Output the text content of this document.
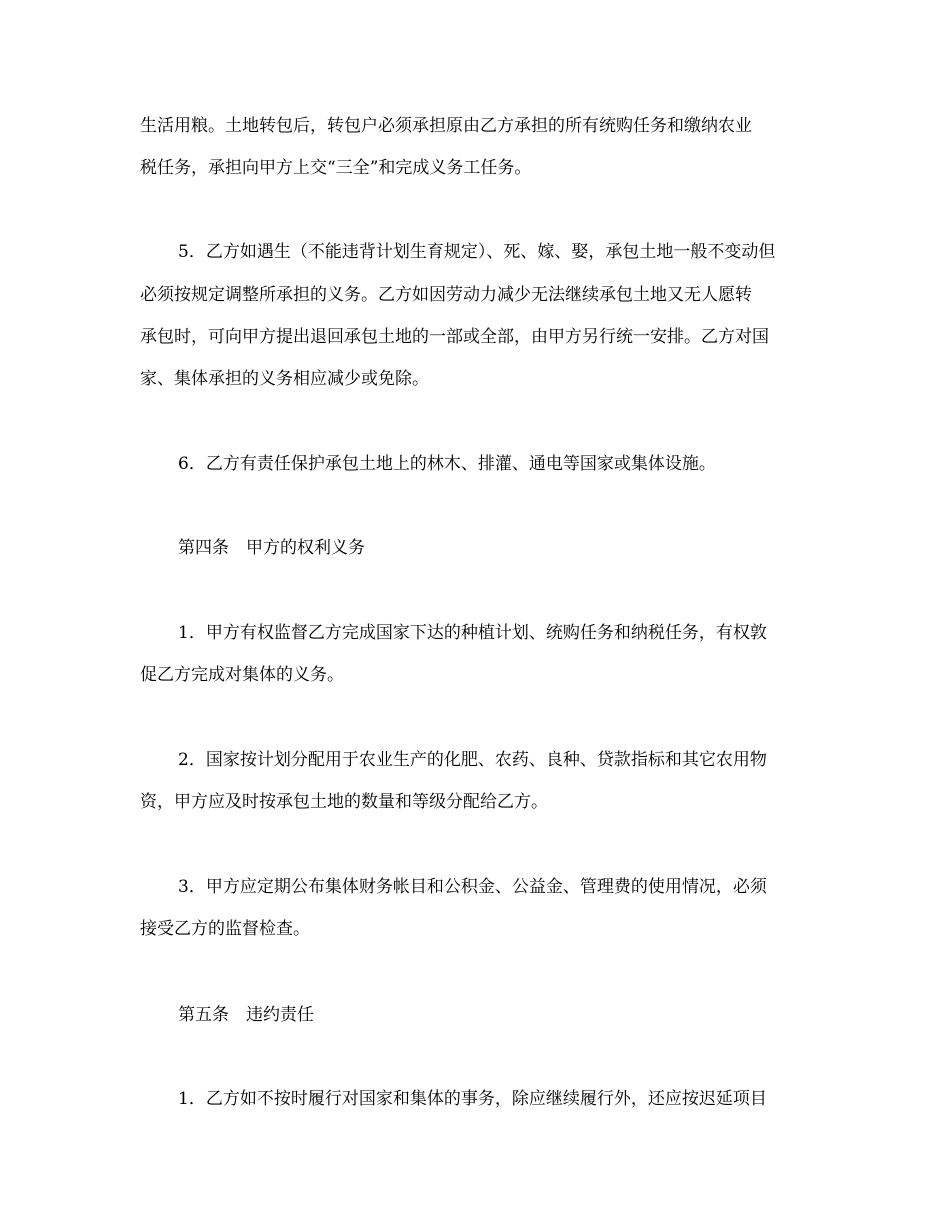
生活用粮。土地转包后，转包户必须承担原由乙方承担的所有统购任务和缴纳农业
税任务，承担向甲方上交“三全”和完成义务工任务。
5．乙方如遇生（不能违背计划生育规定）、死、嫁、娶，承包土地一般不变动但
必须按规定调整所承担的义务。乙方如因劳动力减少无法继续承包土地又无人愿转
承包时，可向甲方提出退回承包土地的一部或全部，由甲方另行统一安排。乙方对国
家、集体承担的义务相应减少或免除。
6．乙方有责任保护承包土地上的林木、排灌、通电等国家或集体设施。
第四条　甲方的权利义务
1．甲方有权监督乙方完成国家下达的种植计划、统购任务和纳税任务，有权敦
促乙方完成对集体的义务。
2．国家按计划分配用于农业生产的化肥、农药、良种、贷款指标和其它农用物
资，甲方应及时按承包土地的数量和等级分配给乙方。
3．甲方应定期公布集体财务帐目和公积金、公益金、管理费的使用情况，必须
接受乙方的监督检查。
第五条　违约责任
1．乙方如不按时履行对国家和集体的事务，除应继续履行外，还应按迟延项目
